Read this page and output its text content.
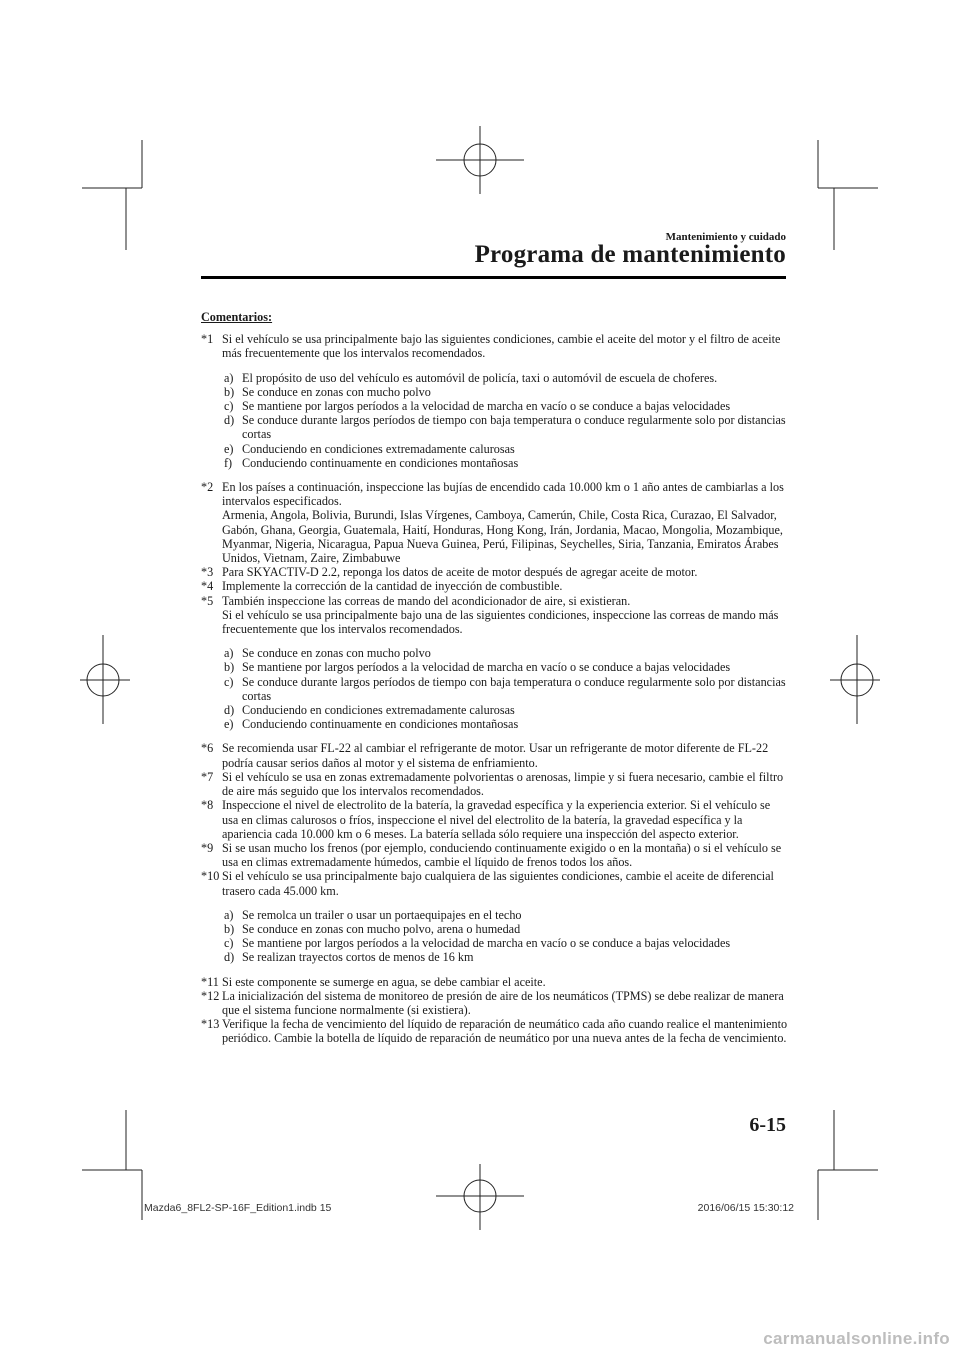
Mantenimiento y cuidado

Programa de mantenimiento

Comentarios:

*1 Si el vehículo se usa principalmente bajo las siguientes condiciones, cambie el aceite del motor y el filtro de aceite más frecuentemente que los intervalos recomendados.
a) El propósito de uso del vehículo es automóvil de policía, taxi o automóvil de escuela de choferes.
b) Se conduce en zonas con mucho polvo
c) Se mantiene por largos períodos a la velocidad de marcha en vacío o se conduce a bajas velocidades
d) Se conduce durante largos períodos de tiempo con baja temperatura o conduce regularmente solo por distancias cortas
e) Conduciendo en condiciones extremadamente calurosas
f) Conduciendo continuamente en condiciones montañosas
*2 En los países a continuación, inspeccione las bujías de encendido cada 10.000 km o 1 año antes de cambiarlas a los intervalos especificados.
Armenia, Angola, Bolivia, Burundi, Islas Vírgenes, Camboya, Camerún, Chile, Costa Rica, Curazao, El Salvador, Gabón, Ghana, Georgia, Guatemala, Haití, Honduras, Hong Kong, Irán, Jordania, Macao, Mongolia, Mozambique, Myanmar, Nigeria, Nicaragua, Papua Nueva Guinea, Perú, Filipinas, Seychelles, Siria, Tanzania, Emiratos Árabes Unidos, Vietnam, Zaire, Zimbabuwe
*3 Para SKYACTIV-D 2.2, reponga los datos de aceite de motor después de agregar aceite de motor.
*4 Implemente la corrección de la cantidad de inyección de combustible.
*5 También inspeccione las correas de mando del acondicionador de aire, si existieran.
Si el vehículo se usa principalmente bajo una de las siguientes condiciones, inspeccione las correas de mando más frecuentemente que los intervalos recomendados.
a) Se conduce en zonas con mucho polvo
b) Se mantiene por largos períodos a la velocidad de marcha en vacío o se conduce a bajas velocidades
c) Se conduce durante largos períodos de tiempo con baja temperatura o conduce regularmente solo por distancias cortas
d) Conduciendo en condiciones extremadamente calurosas
e) Conduciendo continuamente en condiciones montañosas
*6 Se recomienda usar FL-22 al cambiar el refrigerante de motor. Usar un refrigerante de motor diferente de FL-22 podría causar serios daños al motor y el sistema de enfriamiento.
*7 Si el vehículo se usa en zonas extremadamente polvorientas o arenosas, limpie y si fuera necesario, cambie el filtro de aire más seguido que los intervalos recomendados.
*8 Inspeccione el nivel de electrolito de la batería, la gravedad específica y la experiencia exterior. Si el vehículo se usa en climas calurosos o fríos, inspeccione el nivel del electrolito de la batería, la gravedad específica y la apariencia cada 10.000 km o 6 meses. La batería sellada sólo requiere una inspección del aspecto exterior.
*9 Si se usan mucho los frenos (por ejemplo, conduciendo continuamente exigido o en la montaña) o si el vehículo se usa en climas extremadamente húmedos, cambie el líquido de frenos todos los años.
*10 Si el vehículo se usa principalmente bajo cualquiera de las siguientes condiciones, cambie el aceite de diferencial trasero cada 45.000 km.
a) Se remolca un trailer o usar un portaequipajes en el techo
b) Se conduce en zonas con mucho polvo, arena o humedad
c) Se mantiene por largos períodos a la velocidad de marcha en vacío o se conduce a bajas velocidades
d) Se realizan trayectos cortos de menos de 16 km
*11 Si este componente se sumerge en agua, se debe cambiar el aceite.
*12 La inicialización del sistema de monitoreo de presión de aire de los neumáticos (TPMS) se debe realizar de manera que el sistema funcione normalmente (si existiera).
*13 Verifique la fecha de vencimiento del líquido de reparación de neumático cada año cuando realice el mantenimiento periódico. Cambie la botella de líquido de reparación de neumático por una nueva antes de la fecha de vencimiento.
6-15
Mazda6_8FL2-SP-16F_Edition1.indb 15	2016/06/15 15:30:12
carmanualsonline.info
